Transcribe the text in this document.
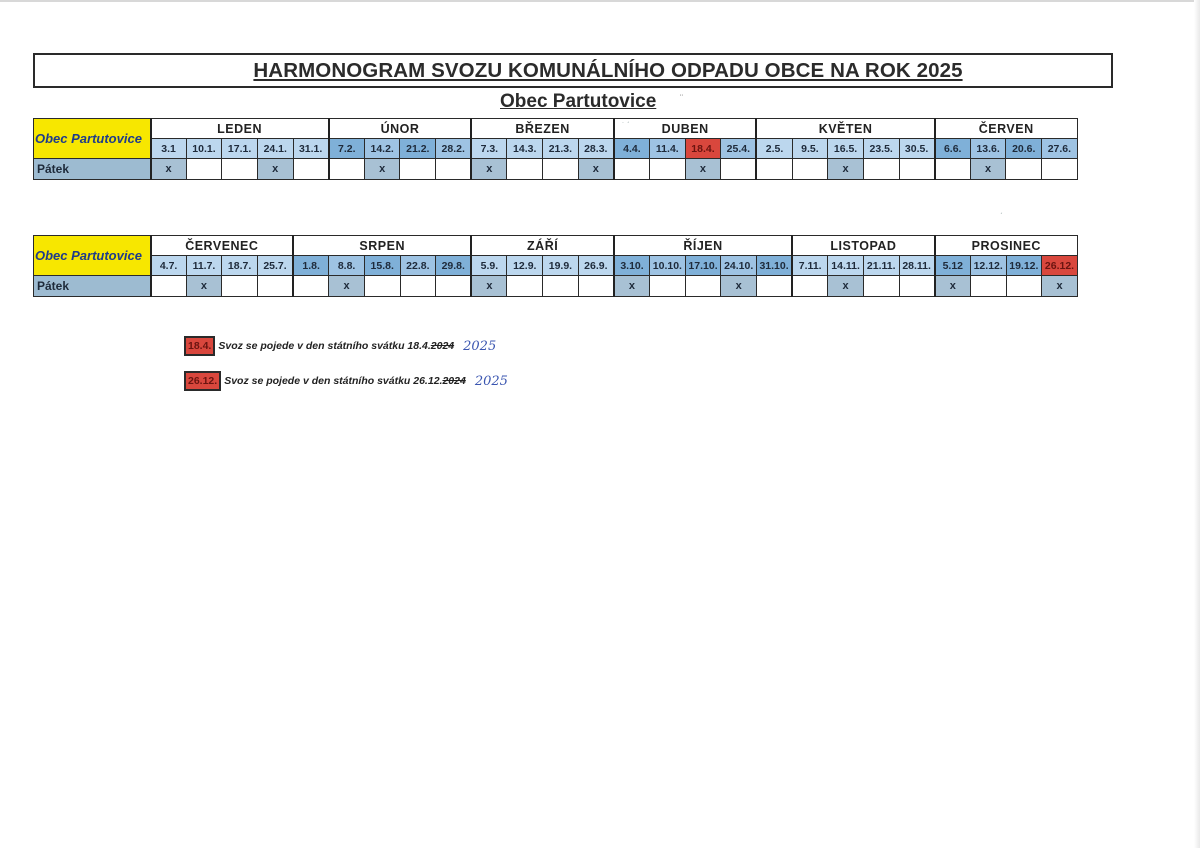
HARMONOGRAM SVOZU KOMUNÁLNÍHO ODPADU OBCE NA ROK 2025
Obec Partutovice	¨
Obec Partutovice	LEDEN					ÚNOR				BŘEZEN				DUBEN				KVĚTEN					ČERVEN			
	3.1	10.1.	17.1.	24.1.	31.1.	7.2.	14.2.	21.2.	28.2.	7.3.	14.3.	21.3.	28.3.	4.4.	11.4.	18.4.	25.4.	2.5.	9.5.	16.5.	23.5.	30.5.	6.6.	13.6.	20.6.	27.6.
Pátek	x			x			x			x			x			x				x				x		
Obec Partutovice	ČERVENEC				SRPEN					ZÁŘÍ				ŘÍJEN					LISTOPAD				PROSINEC			
	4.7.	11.7.	18.7.	25.7.	1.8.	8.8.	15.8.	22.8.	29.8.	5.9.	12.9.	19.9.	26.9.	3.10.	10.10.	17.10.	24.10.	31.10.	7.11.	14.11.	21.11.	28.11.	5.12	12.12.	19.12.	26.12.
Pátek		x				x				x				x			x			x			x			x
18.4. Svoz se pojede v den státního svátku 18.4.2024 2025
26.12. Svoz se pojede v den státního svátku 26.12.2024 2025
˙ ˊ
ˊ
